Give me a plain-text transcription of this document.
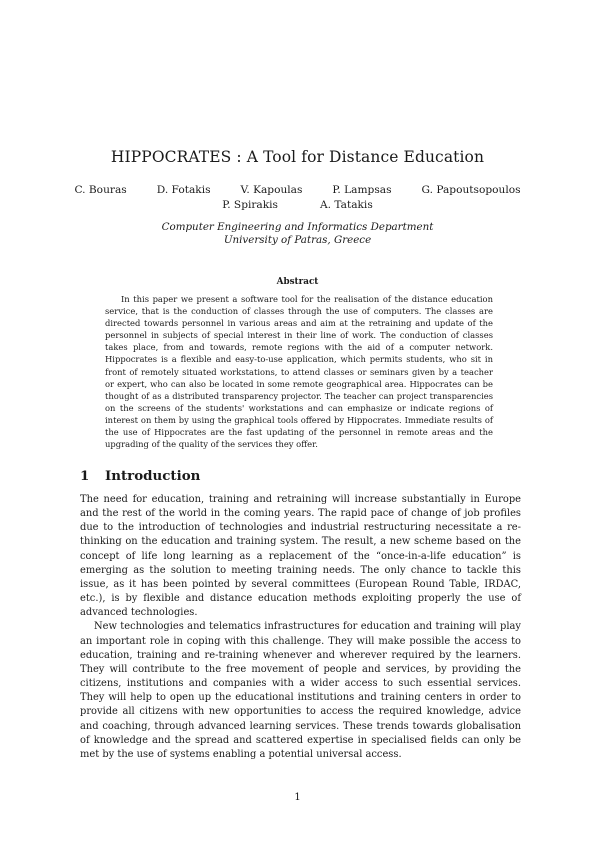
HIPPOCRATES : A Tool for Distance Education
C. Bouras	D. Fotakis	V. Kapoulas	P. Lampsas	G. Papoutsopoulos
P. Spirakis	A. Tatakis
Computer Engineering and Informatics Department
University of Patras, Greece
Abstract

In this paper we present a software tool for the realisation of the distance education service, that is the conduction of classes through the use of computers. The classes are directed towards personnel in various areas and aim at the retraining and update of the personnel in subjects of special interest in their line of work. The conduction of classes takes place, from and towards, remote regions with the aid of a computer network. Hippocrates is a flexible and easy-to-use application, which permits students, who sit in front of remotely situated workstations, to attend classes or seminars given by a teacher or expert, who can also be located in some remote geographical area. Hippocrates can be thought of as a distributed transparency projector. The teacher can project transparencies on the screens of the students' workstations and can emphasize or indicate regions of interest on them by using the graphical tools offered by Hippocrates. Immediate results of the use of Hippocrates are the fast updating of the personnel in remote areas and the upgrading of the quality of the services they offer.

1 Introduction

The need for education, training and retraining will increase substantially in Europe and the rest of the world in the coming years. The rapid pace of change of job profiles due to the introduction of technologies and industrial restructuring necessitate a re-thinking on the education and training system. The result, a new scheme based on the concept of life long learning as a replacement of the “once-in-a-life education” is emerging as the solution to meeting training needs. The only chance to tackle this issue, as it has been pointed by several committees (European Round Table, IRDAC, etc.), is by flexible and distance education methods exploiting properly the use of advanced technologies.

New technologies and telematics infrastructures for education and training will play an important role in coping with this challenge. They will make possible the access to education, training and re-training whenever and wherever required by the learners. They will contribute to the free movement of people and services, by providing the citizens, institutions and companies with a wider access to such essential services. They will help to open up the educational institutions and training centers in order to provide all citizens with new opportunities to access the required knowledge, advice and coaching, through advanced learning services. These trends towards globalisation of knowledge and the spread and scattered expertise in specialised fields can only be met by the use of systems enabling a potential universal access.

1
